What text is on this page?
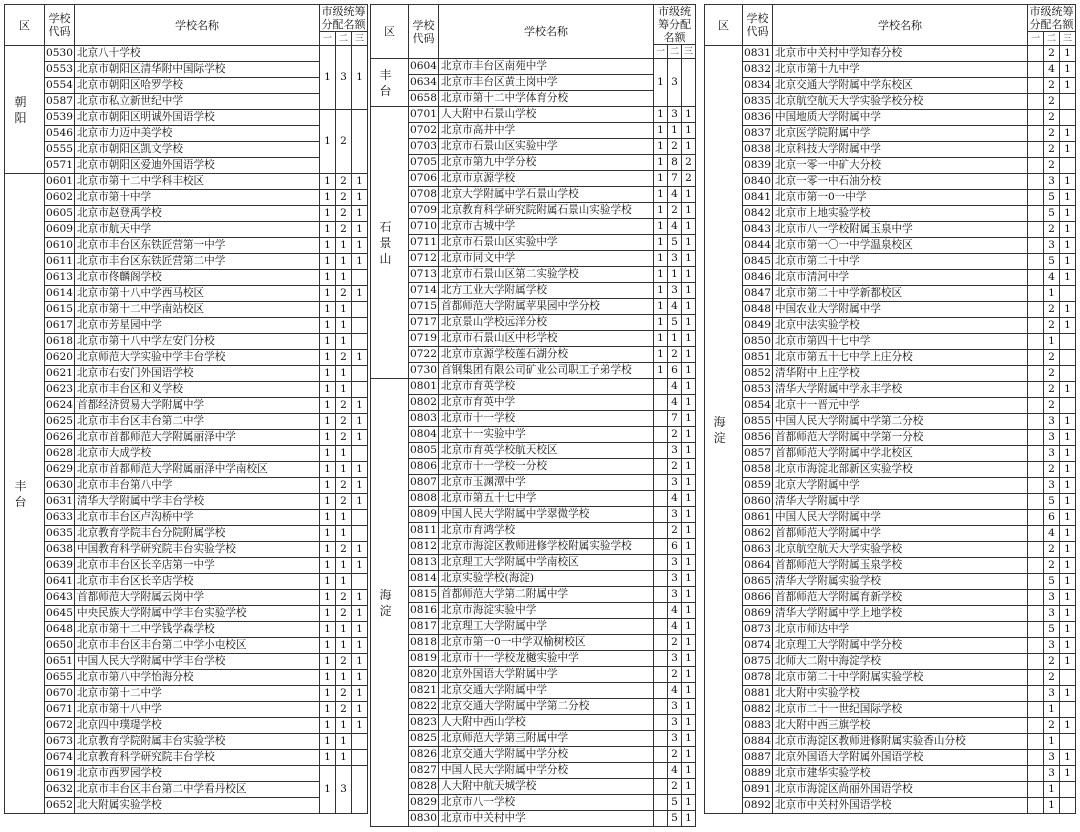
区	学校代码	学校名称	市级统筹分配名额		
			一	二	三
朝阳	0530	北京八十学校	1	3	1
	0553	北京市朝阳区清华附中国际学校			
	0554	北京市朝阳区哈罗学校			
	0587	北京市私立新世纪中学			
	0539	北京市朝阳区明诚外国语学校	1	2	
	0546	北京市力迈中美学校			
	0555	北京市朝阳区凯文学校			
	0571	北京市朝阳区爱迪外国语学校			
丰台	0601	北京市第十二中学科丰校区	1	2	1
	0602	北京市第十中学	1	2	1
	0605	北京市赵登禹学校	1	2	1
	0609	北京市航天中学	1	2	1
	0610	北京市丰台区东铁匠营第一中学	1	1	1
	0611	北京市丰台区东铁匠营第二中学	1	1	1
	0613	北京市佟麟阁学校	1	1	
	0614	北京市第十八中学西马校区	1	2	1
	0615	北京市第十二中学南站校区	1	1	
	0617	北京市芳星园中学	1	1	
	0618	北京市第十八中学左安门分校	1	1	
	0620	北京师范大学实验中学丰台学校	1	2	1
	0621	北京市右安门外国语学校	1	1	
	0623	北京市丰台区和义学校	1	1	
	0624	首都经济贸易大学附属中学	1	2	1
	0625	北京市丰台区丰台第二中学	1	2	1
	0626	北京市首都师范大学附属丽泽中学	1	2	1
	0628	北京市大成学校	1	1	
	0629	北京市首都师范大学附属丽泽中学南校区	1	1	1
	0630	北京市丰台第八中学	1	2	1
	0631	清华大学附属中学丰台学校	1	2	1
	0633	北京市丰台区卢沟桥中学	1	1	
	0635	北京教育学院丰台分院附属学校	1	1	
	0638	中国教育科学研究院丰台实验学校	1	2	1
	0639	北京市丰台区长辛店第一中学	1	1	1
	0641	北京市丰台区长辛店学校	1	1	
	0643	首都师范大学附属云岗中学	1	2	1
	0645	中央民族大学附属中学丰台实验学校	1	2	1
	0648	北京市第十二中学钱学森学校	1	1	1
	0650	北京市丰台区丰台第二中学小屯校区	1	1	1
	0651	中国人民大学附属中学丰台学校	1	2	1
	0655	北京市第八中学怡海分校	1	1	1
	0670	北京市第十二中学	1	2	1
	0671	北京市第十八中学	1	2	1
	0672	北京四中璞瑅学校	1	1	1
	0673	北京教育学院附属丰台实验学校	1	1	
	0674	北京教育科学研究院丰台学校	1	1	
	0619	北京市西罗园学校	1	3	
	0632	北京市丰台区丰台第二中学看丹校区			
	0652	北大附属实验学校			
区	学校代码	学校名称	市级统筹分配名额		
			一	二	三
丰台	0604	北京市丰台区南苑中学	1	3	
	0634	北京市丰台区黄土岗中学			
	0658	北京市第十二中学体育分校			
石景山	0701	人大附中石景山学校	1	3	1
	0702	北京市高井中学	1	1	1
	0703	北京市石景山区实验中学	1	2	1
	0705	北京市第九中学分校	1	8	2
	0706	北京市京源学校	1	7	2
	0708	北京大学附属中学石景山学校	1	4	1
	0709	北京教育科学研究院附属石景山实验学校	1	2	1
	0710	北京市古城中学	1	4	1
	0711	北京市石景山区实验中学	1	5	1
	0712	北京市同文中学	1	3	1
	0713	北京市石景山区第二实验学校	1	1	1
	0714	北方工业大学附属学校	1	3	1
	0715	首都师范大学附属苹果园中学分校	1	4	1
	0717	北京景山学校远洋分校	1	5	1
	0719	北京市石景山区中杉学校	1	1	1
	0722	北京市京源学校莲石湖分校	1	2	1
	0730	首钢集团有限公司矿业公司职工子弟学校	1	6	1
海淀	0801	北京市育英学校		4	1
	0802	北京市育英中学		4	1
	0803	北京市十一学校		7	1
	0804	北京十一实验中学		2	1
	0805	北京市育英学校航天校区		3	1
	0806	北京市十一学校一分校		2	1
	0807	北京市玉渊潭中学		3	1
	0808	北京市第五十七中学		4	1
	0809	中国人民大学附属中学翠微学校		3	1
	0811	北京市育鸿学校		2	1
	0812	北京市海淀区教师进修学校附属实验学校		6	1
	0813	北京理工大学附属中学南校区		3	1
	0814	北京实验学校(海淀)		3	1
	0815	首都师范大学第二附属中学		3	1
	0816	北京市海淀实验中学		4	1
	0817	北京理工大学附属中学		4	1
	0818	北京市第一0一中学双榆树校区		2	1
	0819	北京市十一学校龙樾实验中学		3	1
	0820	北京外国语大学附属中学		2	1
	0821	北京交通大学附属中学		4	1
	0822	北京交通大学附属中学第二分校		3	1
	0823	人大附中西山学校		3	1
	0825	北京师范大学第三附属中学		3	1
	0826	北京交通大学附属中学分校		2	1
	0827	中国人民大学附属中学分校		4	1
	0828	人大附中航天城学校		2	1
	0829	北京市八一学校		5	1
	0830	北京市中关村中学		5	1
区	学校代码	学校名称	市级统筹分配名额		
			一	二	三
海淀	0831	北京市中关村中学知春分校		2	1
	0832	北京市第十九中学		4	1
	0834	北京交通大学附属中学东校区		2	1
	0835	北京航空航天大学实验学校分校		2	
	0836	中国地质大学附属中学		2	
	0837	北京医学院附属中学		2	1
	0838	北京科技大学附属中学		2	1
	0839	北京一零一中矿大分校		2	
	0840	北京一零一中石油分校		3	1
	0841	北京市第一0一中学		5	1
	0842	北京市上地实验学校		5	1
	0843	北京市八一学校附属玉泉中学		2	1
	0844	北京市第一〇一中学温泉校区		3	1
	0845	北京市第二十中学		5	1
	0846	北京市清河中学		4	1
	0847	北京市第二十中学新都校区		1	
	0848	中国农业大学附属中学		2	1
	0849	北京中法实验学校		2	1
	0850	北京市第四十七中学		1	
	0851	北京市第五十七中学上庄分校		2	
	0852	清华附中上庄学校		2	
	0853	清华大学附属中学永丰学校		2	1
	0854	北京十一晋元中学		2	
	0855	中国人民大学附属中学第二分校		3	1
	0856	首都师范大学附属中学第一分校		3	1
	0857	首都师范大学附属中学北校区		3	1
	0858	北京市海淀北部新区实验学校		2	1
	0859	北京大学附属中学		3	1
	0860	清华大学附属中学		5	1
	0861	中国人民大学附属中学		6	1
	0862	首都师范大学附属中学		4	1
	0863	北京航空航天大学实验学校		2	1
	0864	首都师范大学附属玉泉学校		2	1
	0865	清华大学附属实验学校		5	1
	0866	首都师范大学附属育新学校		3	1
	0869	清华大学附属中学上地学校		3	1
	0873	北京市师达中学		5	1
	0874	北京理工大学附属中学分校		3	1
	0875	北师大二附中海淀学校		2	1
	0878	北京市第二十中学附属实验学校		2	
	0881	北大附中实验学校		3	1
	0882	北京市二十一世纪国际学校		1	
	0883	北大附中西三旗学校		2	1
	0884	北京市海淀区教师进修附属实验香山分校		1	
	0887	北京外国语大学附属外国语学校		3	1
	0889	北京市建华实验学校		3	1
	0891	北京市海淀区尚丽外国语学校		1	
	0892	北京市中关村外国语学校		1	
